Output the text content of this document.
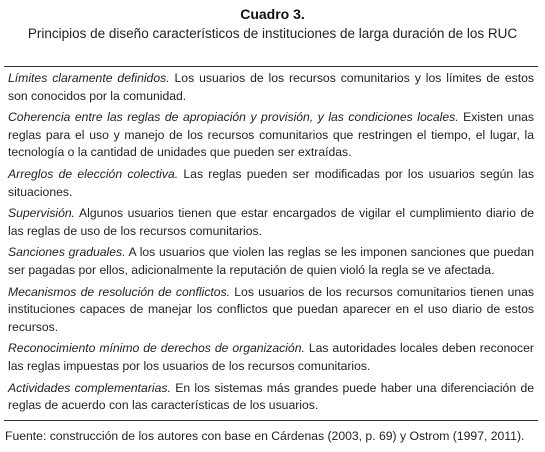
Cuadro 3.
Principios de diseño característicos de instituciones de larga duración de los RUC
Límites claramente definidos. Los usuarios de los recursos comunitarios y los límites de estos son conocidos por la comunidad.
Coherencia entre las reglas de apropiación y provisión, y las condiciones locales. Existen unas reglas para el uso y manejo de los recursos comunitarios que restringen el tiempo, el lugar, la tecnología o la cantidad de unidades que pueden ser extraídas.
Arreglos de elección colectiva. Las reglas pueden ser modificadas por los usuarios según las situaciones.
Supervisión. Algunos usuarios tienen que estar encargados de vigilar el cumplimiento diario de las reglas de uso de los recursos comunitarios.
Sanciones graduales. A los usuarios que violen las reglas se les imponen sanciones que puedan ser pagadas por ellos, adicionalmente la reputación de quien violó la regla se ve afectada.
Mecanismos de resolución de conflictos. Los usuarios de los recursos comunitarios tienen unas instituciones capaces de manejar los conflictos que puedan aparecer en el uso diario de estos recursos.
Reconocimiento mínimo de derechos de organización. Las autoridades locales deben reconocer las reglas impuestas por los usuarios de los recursos comunitarios.
Actividades complementarias. En los sistemas más grandes puede haber una diferenciación de reglas de acuerdo con las características de los usuarios.
Fuente: construcción de los autores con base en Cárdenas (2003, p. 69) y Ostrom (1997, 2011).
